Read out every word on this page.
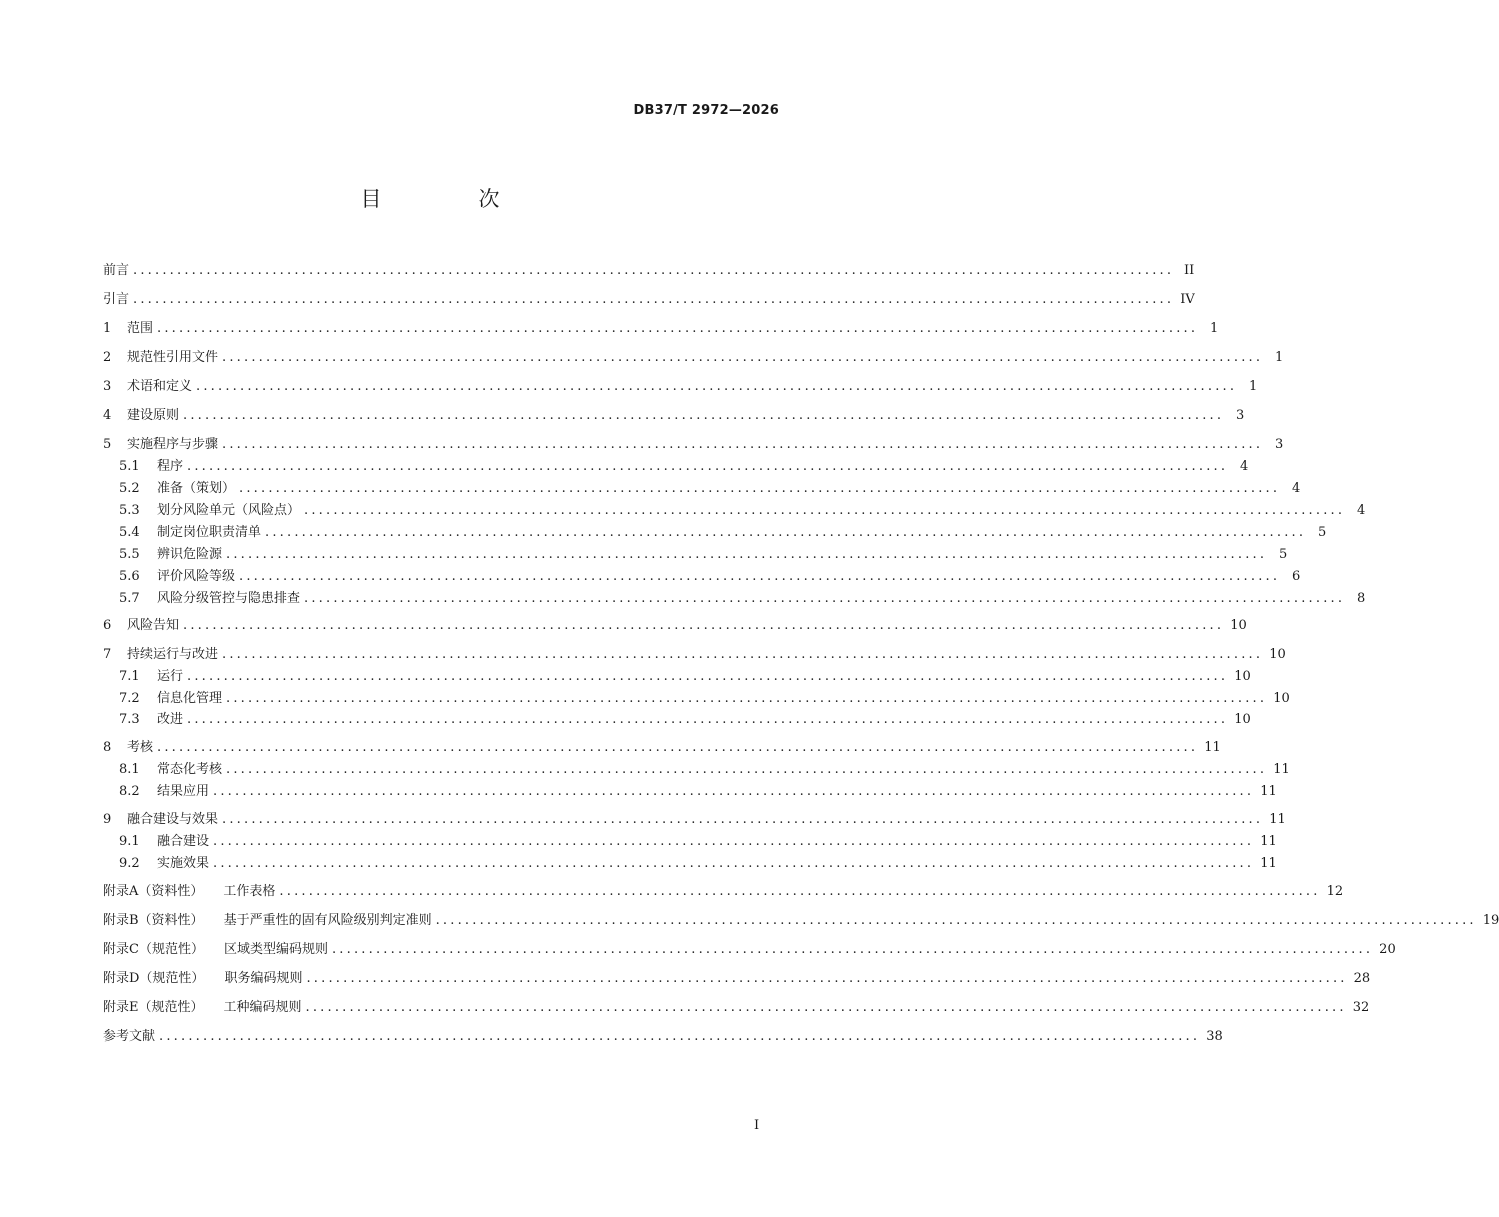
DB37/T 2972—2026
目　次
前言 .............................................................................................................................................. II
引言 .............................................................................................................................................. IV
1	范围 .............................................................................................................................................. 1
2	规范性引用文件 .............................................................................................................................................. 1
3	术语和定义 .............................................................................................................................................. 1
4	建设原则 .............................................................................................................................................. 3
5	实施程序与步骤 .............................................................................................................................................. 3
5.1	程序 .............................................................................................................................................. 4
5.2	准备（策划） .............................................................................................................................................. 4
5.3	划分风险单元（风险点） .............................................................................................................................................. 4
5.4	制定岗位职责清单 .............................................................................................................................................. 5
5.5	辨识危险源 .............................................................................................................................................. 5
5.6	评价风险等级 .............................................................................................................................................. 6
5.7	风险分级管控与隐患排查 .............................................................................................................................................. 8
6	风险告知 .............................................................................................................................................. 10
7	持续运行与改进 .............................................................................................................................................. 10
7.1	运行 .............................................................................................................................................. 10
7.2	信息化管理 .............................................................................................................................................. 10
7.3	改进 .............................................................................................................................................. 10
8	考核 .............................................................................................................................................. 11
8.1	常态化考核 .............................................................................................................................................. 11
8.2	结果应用 .............................................................................................................................................. 11
9	融合建设与效果 .............................................................................................................................................. 11
9.1	融合建设 .............................................................................................................................................. 11
9.2	实施效果 .............................................................................................................................................. 11
附录A（资料性） 工作表格 .............................................................................................................................................. 12
附录B（资料性） 基于严重性的固有风险级别判定准则 .............................................................................................................................................. 19
附录C（规范性） 区域类型编码规则 .............................................................................................................................................. 20
附录D（规范性） 职务编码规则 .............................................................................................................................................. 28
附录E（规范性） 工种编码规则 .............................................................................................................................................. 32
参考文献 .............................................................................................................................................. 38
I
